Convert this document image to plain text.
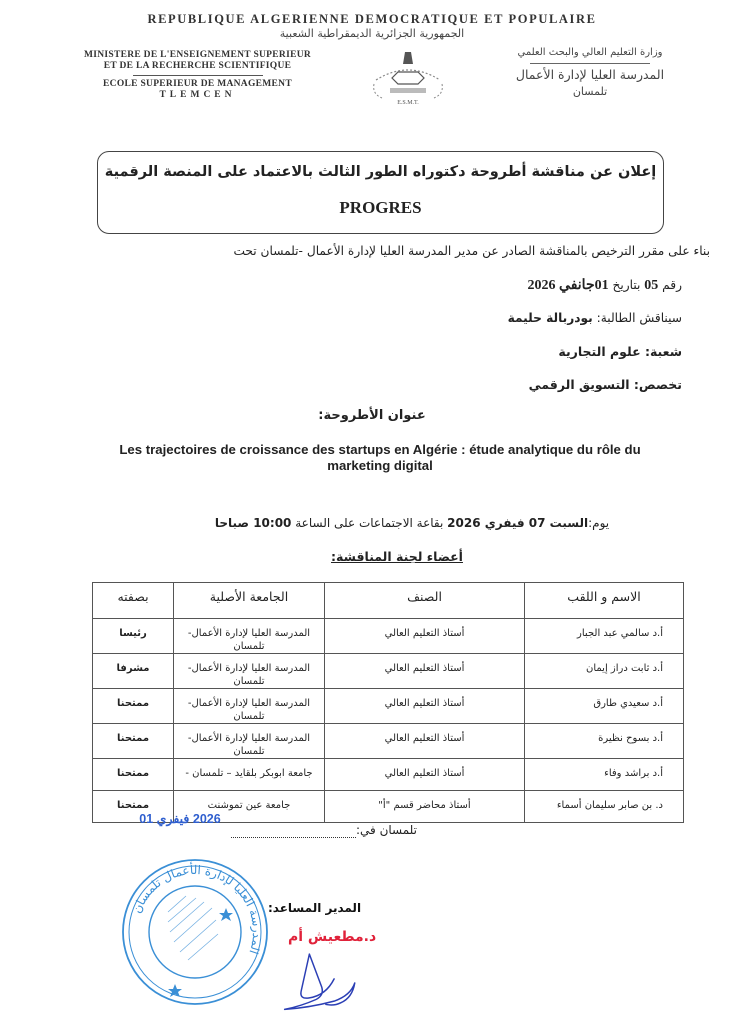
REPUBLIQUE ALGERIENNE DEMOCRATIQUE ET POPULAIRE
الجمهورية الجزائرية الديمقراطية الشعبية
MINISTERE DE L'ENSEIGNEMENT SUPERIEUR
ET DE LA RECHERCHE SCIENTIFIQUE
ECOLE SUPERIEUR DE MANAGEMENT
TLEMCEN
E.S.M.T.
وزارة التعليم العالي والبحث العلمي
المدرسة العليا لإدارة الأعمال
تلمسان
إعلان عن مناقشة أطروحة دكتوراه الطور الثالث بالاعتماد على المنصة الرقمية
PROGRES
بناء على مقرر الترخيص بالمناقشة الصادر عن مدير المدرسة العليا لإدارة الأعمال -تلمسان تحت
رقم 05 بتاريخ 01جانفي 2026
سيناقش الطالبة: بودربالة حليمة
شعبة: علوم التجارية
تخصص: التسويق الرقمي
عنوان الأطروحة:
Les trajectoires de croissance des startups en Algérie : étude analytique du rôle du marketing digital
يوم:السبت 07 فيفري 2026 بقاعة الاجتماعات على الساعة 10:00 صباحا
أعضاء لجنة المناقشة:
الاسم و اللقب	الصنف	الجامعة الأصلية	بصفته
أ.د سالمي عبد الجبار	أستاذ التعليم العالي	المدرسة العليا لإدارة الأعمال-تلمسان	رئيسا
أ.د ثابت دراز إيمان	أستاذ التعليم العالي	المدرسة العليا لإدارة الأعمال-تلمسان	مشرفا
أ.د سعيدي طارق	أستاذ التعليم العالي	المدرسة العليا لإدارة الأعمال-تلمسان	ممتحنا
أ.د بسوح نظيرة	أستاذ التعليم العالي	المدرسة العليا لإدارة الأعمال-تلمسان	ممتحنا
أ.د براشد وفاء	أستاذ التعليم العالي	جامعة ابوبكر بلقايد – تلمسان -	ممتحنا
د. بن صابر سليمان أسماء	أستاذ محاضر قسم "أ"	جامعة عين تموشنت	ممتحنا
تلمسان في:
2026 فيفري 01
المدرسة العليا لإدارة الأعمال تلمسان
المدير المساعد:
د.مطعيش أم
